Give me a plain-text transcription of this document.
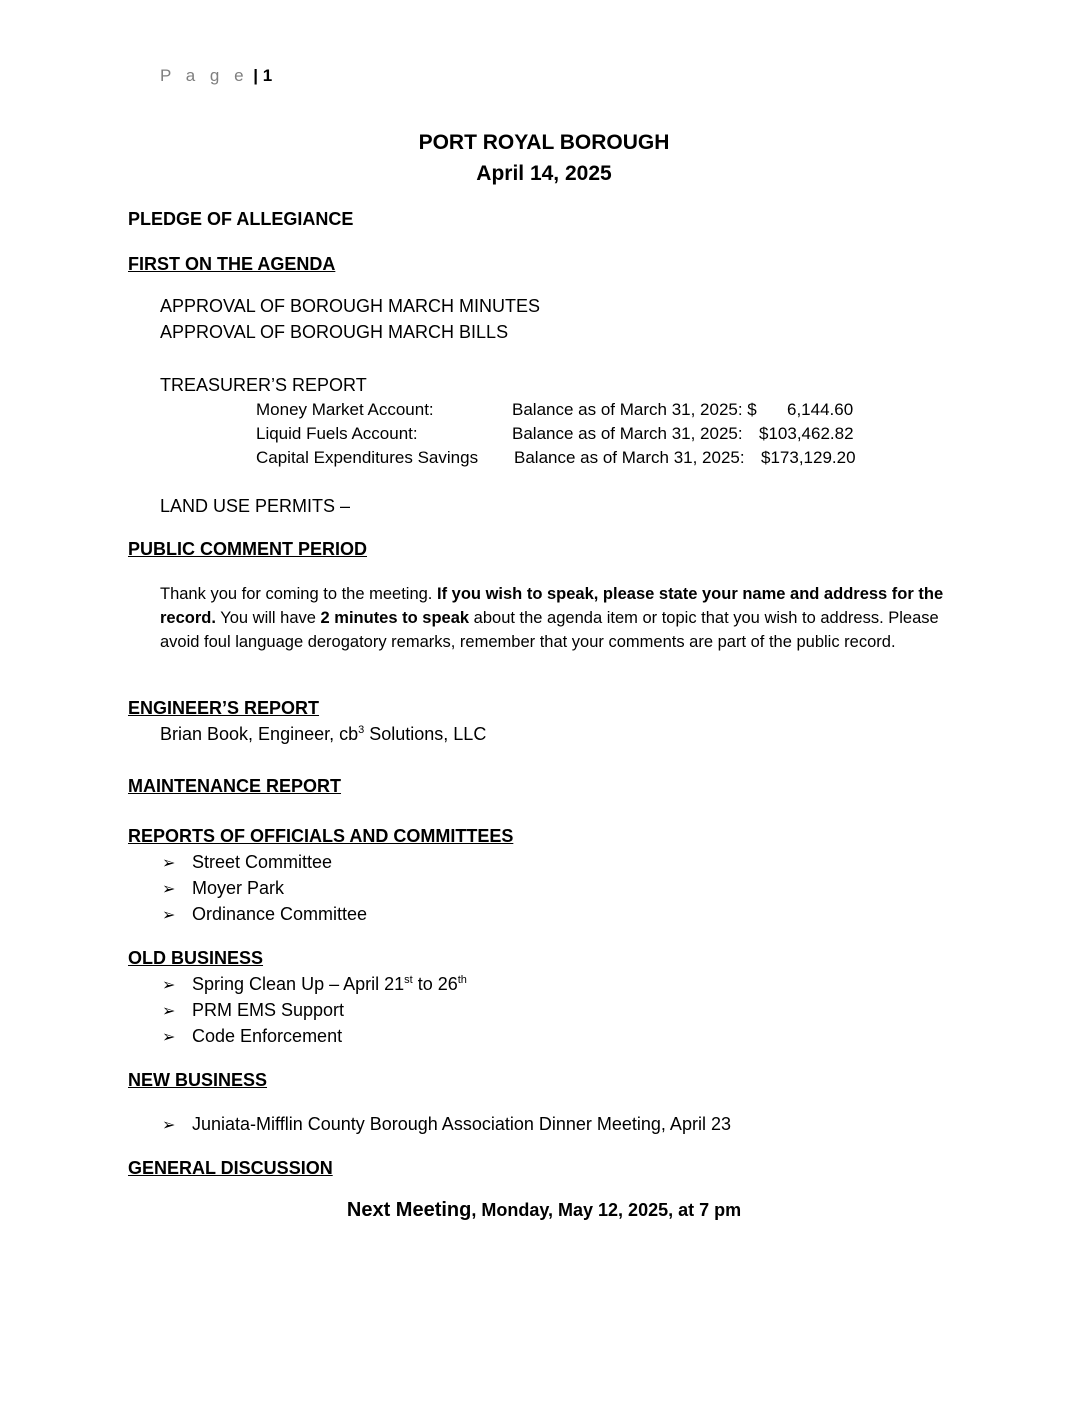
P a g e | 1
PORT ROYAL BOROUGH
April 14, 2025
PLEDGE OF ALLEGIANCE
FIRST ON THE AGENDA
APPROVAL OF BOROUGH MARCH MINUTES
APPROVAL OF BOROUGH MARCH BILLS
TREASURER’S REPORT
Money Market Account:	Balance as of March 31, 2025: $ 6,144.60
Liquid Fuels Account:	Balance as of March 31, 2025: $103,462.82
Capital Expenditures Savings Balance as of March 31, 2025: $173,129.20
LAND USE PERMITS –
PUBLIC COMMENT PERIOD
Thank you for coming to the meeting. If you wish to speak, please state your name and address for the record. You will have 2 minutes to speak about the agenda item or topic that you wish to address. Please avoid foul language derogatory remarks, remember that your comments are part of the public record.
ENGINEER’S REPORT
Brian Book, Engineer, $cb^3$ Solutions, LLC
MAINTENANCE REPORT
REPORTS OF OFFICIALS AND COMMITTEES
➢ Street Committee
➢ Moyer Park
➢ Ordinance Committee
OLD BUSINESS
➢ Spring Clean Up – April 21st to 26th
➢ PRM EMS Support
➢ Code Enforcement
NEW BUSINESS
➢ Juniata-Mifflin County Borough Association Dinner Meeting, April 23
GENERAL DISCUSSION
Next Meeting, Monday, May 12, 2025, at 7 pm
